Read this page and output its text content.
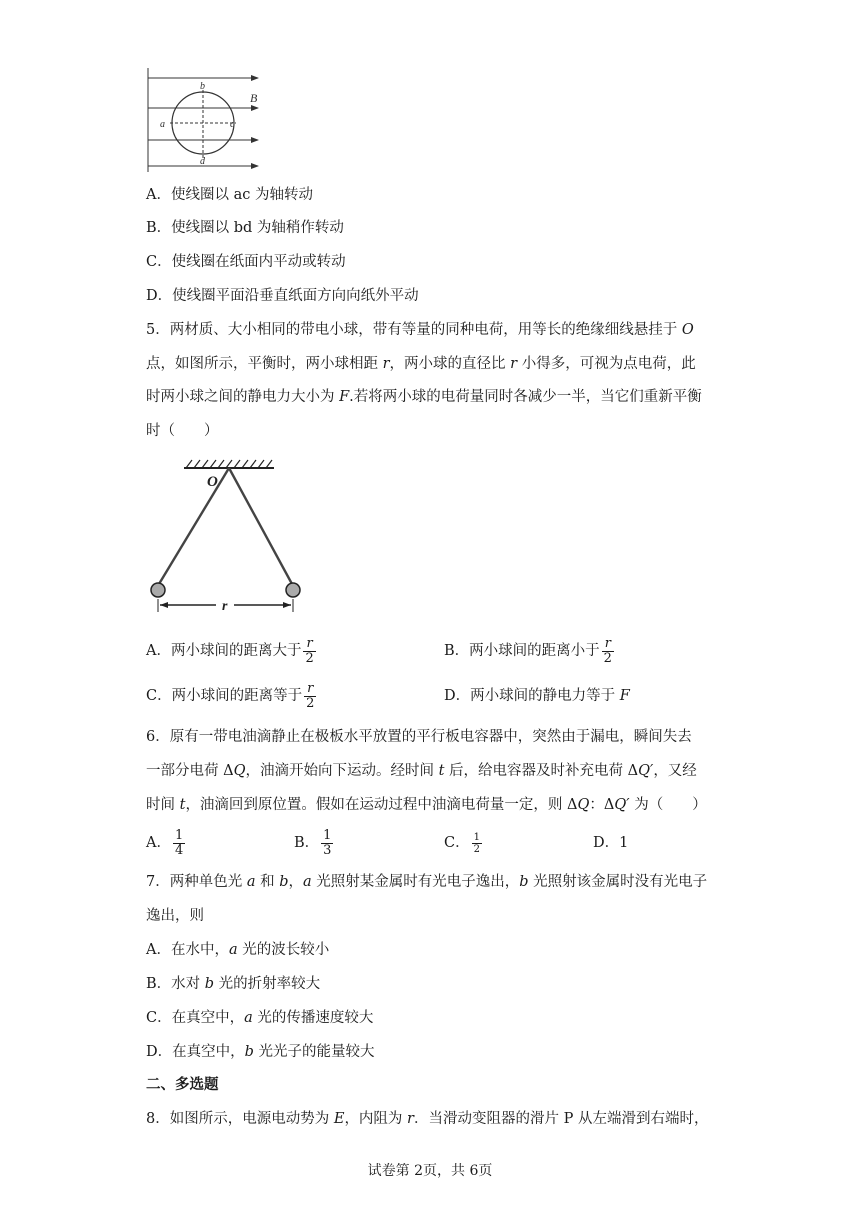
b
B
a	c
d
A．使线圈以 ac 为轴转动
B．使线圈以 bd 为轴稍作转动
C．使线圈在纸面内平动或转动
D．使线圈平面沿垂直纸面方向向纸外平动
5．两材质、大小相同的带电小球，带有等量的同种电荷，用等长的绝缘细线悬挂于 O
点，如图所示，平衡时，两小球相距 r，两小球的直径比 r 小得多，可视为点电荷，此
时两小球之间的静电力大小为 F.若将两小球的电荷量同时各减少一半，当它们重新平衡
时（　　）
O
r
A．两小球间的距离大于 $\frac{r}{2}$	B．两小球间的距离小于 $\frac{r}{2}$
C．两小球间的距离等于 $\frac{r}{2}$	D．两小球间的静电力等于 F
6．原有一带电油滴静止在极板水平放置的平行板电容器中，突然由于漏电，瞬间失去
一部分电荷 ΔQ，油滴开始向下运动。经时间 t 后，给电容器及时补充电荷 ΔQ′，又经
时间 t，油滴回到原位置。假如在运动过程中油滴电荷量一定，则 ΔQ：ΔQ′ 为（　　）
A． $\frac{1}{4}$	B． $\frac{1}{3}$	C． $\frac{1}{2}$	D．1
7．两种单色光 a 和 b，a 光照射某金属时有光电子逸出，b 光照射该金属时没有光电子
逸出，则
A．在水中，a 光的波长较小
B．水对 b 光的折射率较大
C．在真空中，a 光的传播速度较大
D．在真空中，b 光光子的能量较大
二、多选题
8．如图所示，电源电动势为 E，内阻为 r．当滑动变阻器的滑片 P 从左端滑到右端时，
试卷第 2页，共 6页
